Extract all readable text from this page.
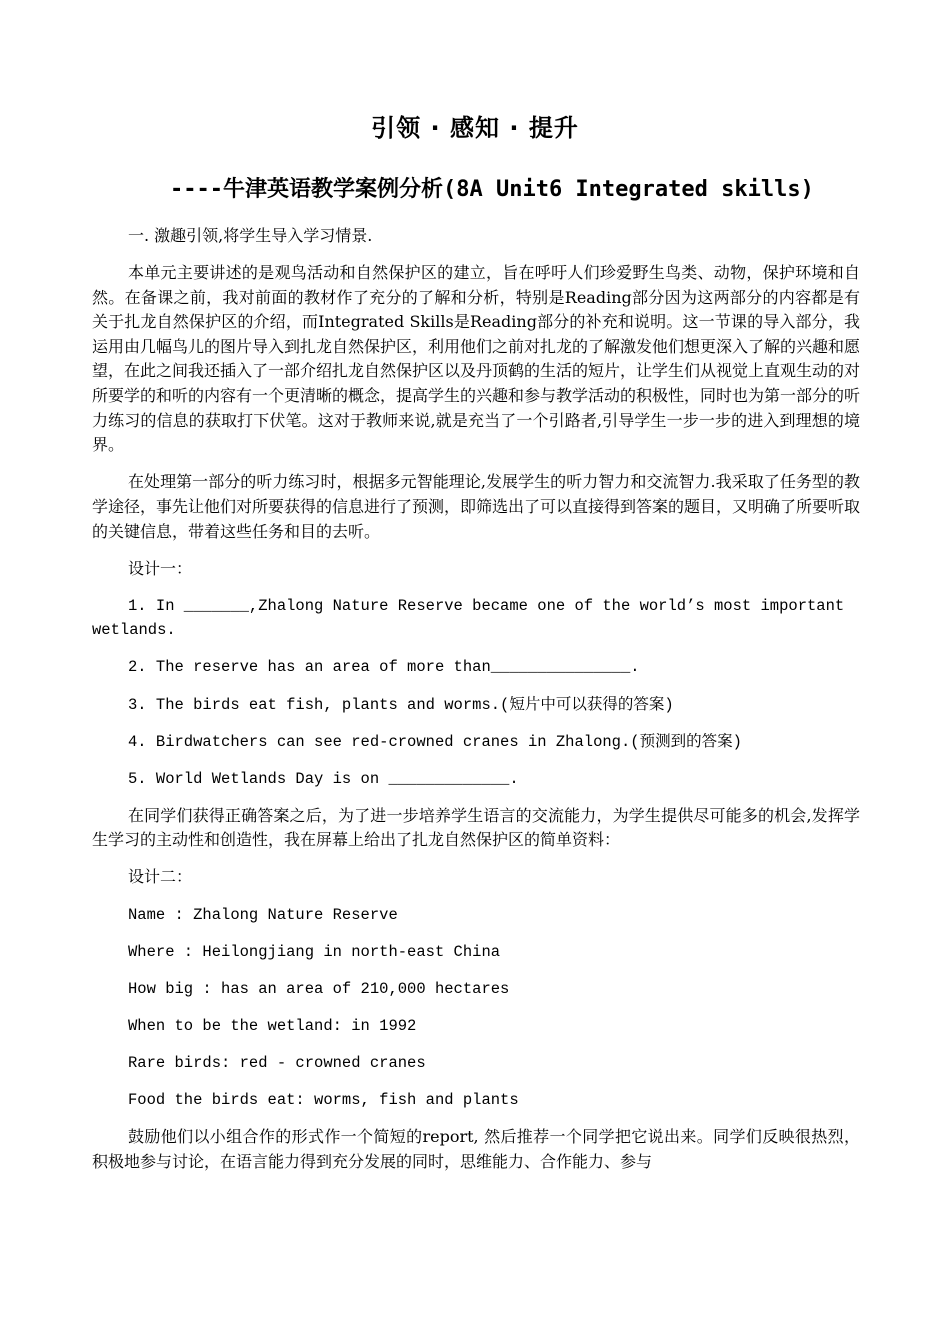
引领 · 感知 · 提升
----牛津英语教学案例分析(8A Unit6 Integrated skills)

一. 激趣引领,将学生导入学习情景.

本单元主要讲述的是观鸟活动和自然保护区的建立，旨在呼吁人们珍爱野生鸟类、动物，保护环境和自然。在备课之前，我对前面的教材作了充分的了解和分析，特别是Reading部分因为这两部分的内容都是有关于扎龙自然保护区的介绍，而Integrated Skills是Reading部分的补充和说明。这一节课的导入部分，我运用由几幅鸟儿的图片导入到扎龙自然保护区，利用他们之前对扎龙的了解激发他们想更深入了解的兴趣和愿望，在此之间我还插入了一部介绍扎龙自然保护区以及丹顶鹤的生活的短片，让学生们从视觉上直观生动的对所要学的和听的内容有一个更清晰的概念，提高学生的兴趣和参与教学活动的积极性，同时也为第一部分的听力练习的信息的获取打下伏笔。这对于教师来说,就是充当了一个引路者,引导学生一步一步的进入到理想的境界。

在处理第一部分的听力练习时，根据多元智能理论,发展学生的听力智力和交流智力.我采取了任务型的教学途径，事先让他们对所要获得的信息进行了预测，即筛选出了可以直接得到答案的题目，又明确了所要听取的关键信息，带着这些任务和目的去听。

设计一：

1. In _______,Zhalong Nature Reserve became one of the world’s most important wetlands.

2. The reserve has an area of more than_______________.

3. The birds eat fish, plants and worms.(短片中可以获得的答案)

4. Birdwatchers can see red-crowned cranes in Zhalong.(预测到的答案)

5. World Wetlands Day is on _____________.

在同学们获得正确答案之后，为了进一步培养学生语言的交流能力，为学生提供尽可能多的机会,发挥学生学习的主动性和创造性，我在屏幕上给出了扎龙自然保护区的简单资料：

设计二：

Name : Zhalong Nature Reserve

Where : Heilongjiang in north-east China

How big : has an area of 210,000 hectares

When to be the wetland: in 1992

Rare birds: red - crowned cranes

Food the birds eat: worms, fish and plants

鼓励他们以小组合作的形式作一个简短的report, 然后推荐一个同学把它说出来。同学们反映很热烈，积极地参与讨论，在语言能力得到充分发展的同时，思维能力、合作能力、参与
